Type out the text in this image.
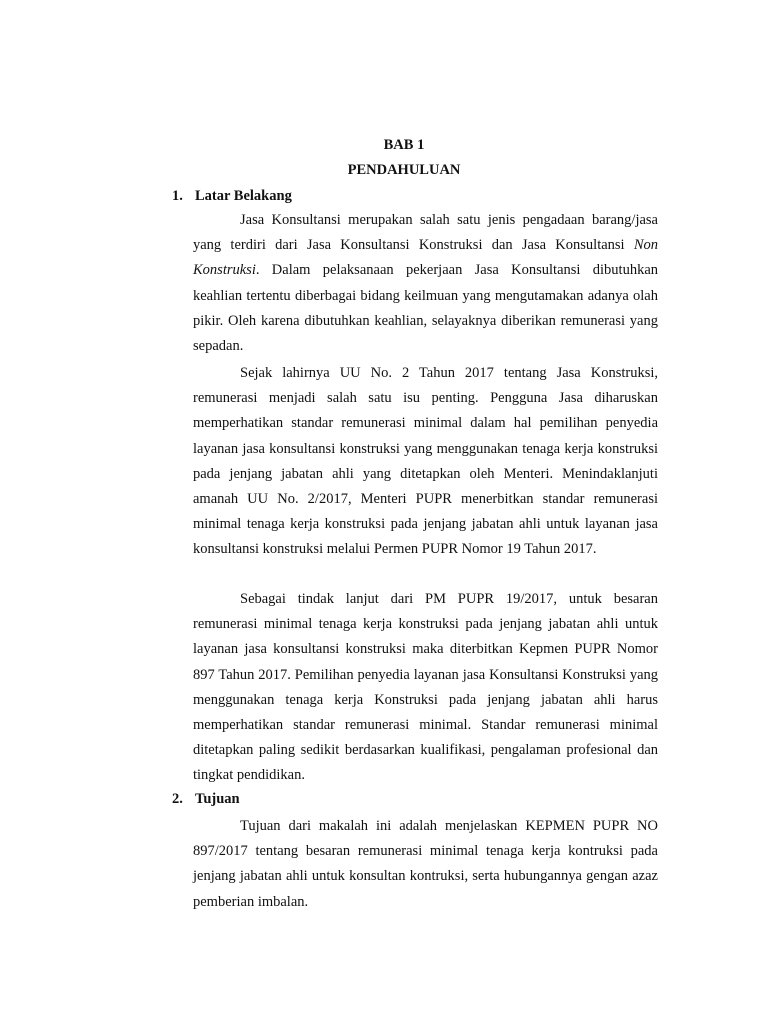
BAB 1

PENDAHULUAN

1. Latar Belakang

Jasa Konsultansi merupakan salah satu jenis pengadaan barang/jasa yang terdiri dari Jasa Konsultansi Konstruksi dan Jasa Konsultansi Non Konstruksi. Dalam pelaksanaan pekerjaan Jasa Konsultansi dibutuhkan keahlian tertentu diberbagai bidang keilmuan yang mengutamakan adanya olah pikir. Oleh karena dibutuhkan keahlian, selayaknya diberikan remunerasi yang sepadan.

Sejak lahirnya UU No. 2 Tahun 2017 tentang Jasa Konstruksi, remunerasi menjadi salah satu isu penting. Pengguna Jasa diharuskan memperhatikan standar remunerasi minimal dalam hal pemilihan penyedia layanan jasa konsultansi konstruksi yang menggunakan tenaga kerja konstruksi pada jenjang jabatan ahli yang ditetapkan oleh Menteri. Menindaklanjuti amanah UU No. 2/2017, Menteri PUPR menerbitkan standar remunerasi minimal tenaga kerja konstruksi pada jenjang jabatan ahli untuk layanan jasa konsultansi konstruksi melalui Permen PUPR Nomor 19 Tahun 2017.

Sebagai tindak lanjut dari PM PUPR 19/2017, untuk besaran remunerasi minimal tenaga kerja konstruksi pada jenjang jabatan ahli untuk layanan jasa konsultansi konstruksi maka diterbitkan Kepmen PUPR Nomor 897 Tahun 2017. Pemilihan penyedia layanan jasa Konsultansi Konstruksi yang menggunakan tenaga kerja Konstruksi pada jenjang jabatan ahli harus memperhatikan standar remunerasi minimal. Standar remunerasi minimal ditetapkan paling sedikit berdasarkan kualifikasi, pengalaman profesional dan tingkat pendidikan.

2. Tujuan

Tujuan dari makalah ini adalah menjelaskan KEPMEN PUPR NO 897/2017 tentang besaran remunerasi minimal tenaga kerja kontruksi pada jenjang jabatan ahli untuk konsultan kontruksi, serta hubungannya gengan azaz pemberian imbalan.
